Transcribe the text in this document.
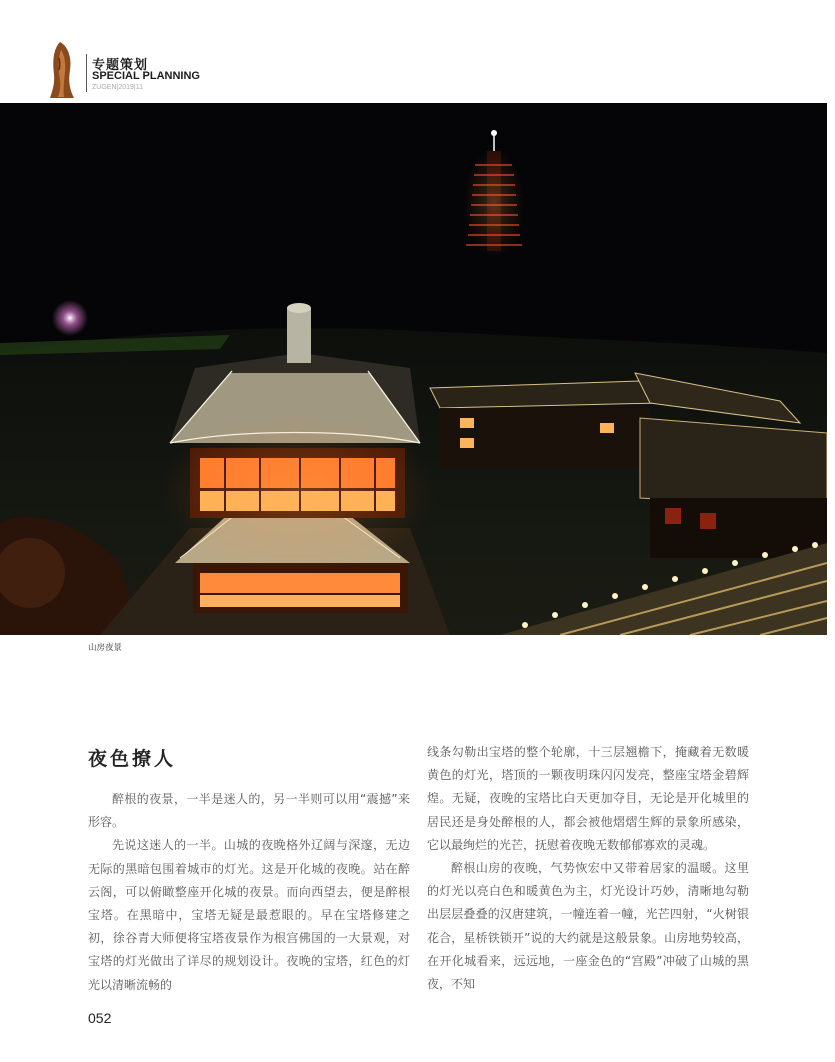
专题策划
SPECIAL PLANNING
ZUGEN|2019|11
山房夜景
夜色撩人

醉根的夜景，一半是迷人的，另一半则可以用“震撼”来形容。

先说这迷人的一半。山城的夜晚格外辽阔与深邃，无边无际的黑暗包围着城市的灯光。这是开化城的夜晚。站在醉云阁，可以俯瞰整座开化城的夜景。而向西望去，便是醉根宝塔。在黑暗中，宝塔无疑是最惹眼的。早在宝塔修建之初，徐谷青大师便将宝塔夜景作为根宫佛国的一大景观，对宝塔的灯光做出了详尽的规划设计。夜晚的宝塔，红色的灯光以清晰流畅的

线条勾勒出宝塔的整个轮廓，十三层翘檐下，掩藏着无数暖黄色的灯光，塔顶的一颗夜明珠闪闪发亮，整座宝塔金碧辉煌。无疑，夜晚的宝塔比白天更加夺目，无论是开化城里的居民还是身处醉根的人，都会被他熠熠生辉的景象所感染，它以最绚烂的光芒，抚慰着夜晚无数郁郁寡欢的灵魂。

醉根山房的夜晚，气势恢宏中又带着居家的温暖。这里的灯光以亮白色和暖黄色为主，灯光设计巧妙，清晰地勾勒出层层叠叠的汉唐建筑，一幢连着一幢，光芒四射，“火树银花合，星桥铁锁开”说的大约就是这般景象。山房地势较高，在开化城看来，远远地，一座金色的“宫殿”冲破了山城的黑夜，不知

052
